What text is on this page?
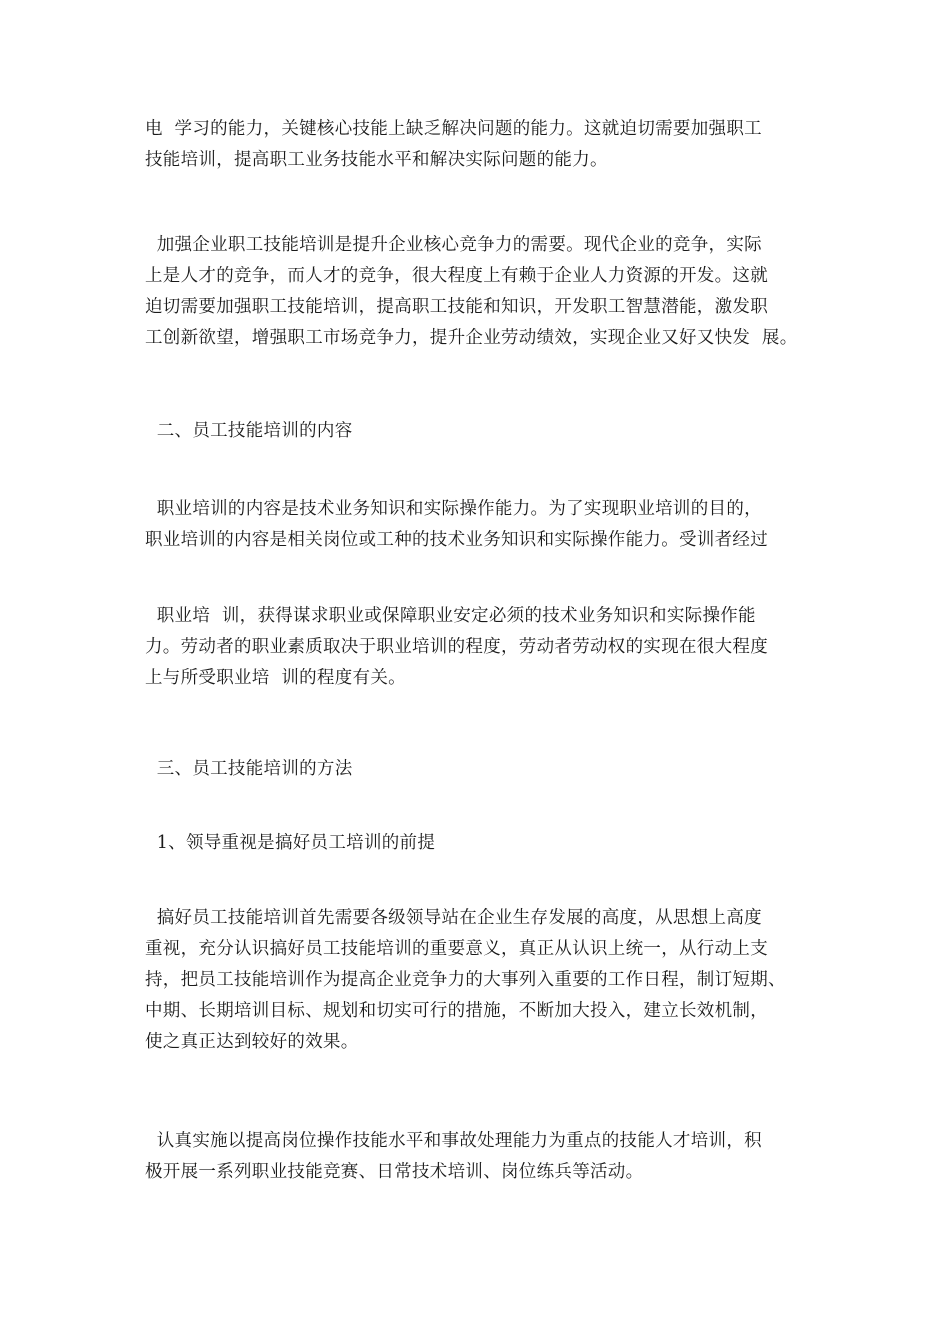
电  学习的能力，关键核心技能上缺乏解决问题的能力。这就迫切需要加强职工
技能培训，提高职工业务技能水平和解决实际问题的能力。
加强企业职工技能培训是提升企业核心竞争力的需要。现代企业的竞争，实际
上是人才的竞争，而人才的竞争，很大程度上有赖于企业人力资源的开发。这就
迫切需要加强职工技能培训，提高职工技能和知识，开发职工智慧潜能，激发职
工创新欲望，增强职工市场竞争力，提升企业劳动绩效，实现企业又好又快发  展。
二、员工技能培训的内容
职业培训的内容是技术业务知识和实际操作能力。为了实现职业培训的目的，
职业培训的内容是相关岗位或工种的技术业务知识和实际操作能力。受训者经过
职业培  训，获得谋求职业或保障职业安定必须的技术业务知识和实际操作能
力。劳动者的职业素质取决于职业培训的程度，劳动者劳动权的实现在很大程度
上与所受职业培  训的程度有关。
三、员工技能培训的方法
1、领导重视是搞好员工培训的前提
搞好员工技能培训首先需要各级领导站在企业生存发展的高度，从思想上高度
重视，充分认识搞好员工技能培训的重要意义，真正从认识上统一，从行动上支
持，把员工技能培训作为提高企业竞争力的大事列入重要的工作日程，制订短期、
中期、长期培训目标、规划和切实可行的措施，不断加大投入，建立长效机制，
使之真正达到较好的效果。
认真实施以提高岗位操作技能水平和事故处理能力为重点的技能人才培训，积
极开展一系列职业技能竞赛、日常技术培训、岗位练兵等活动。
